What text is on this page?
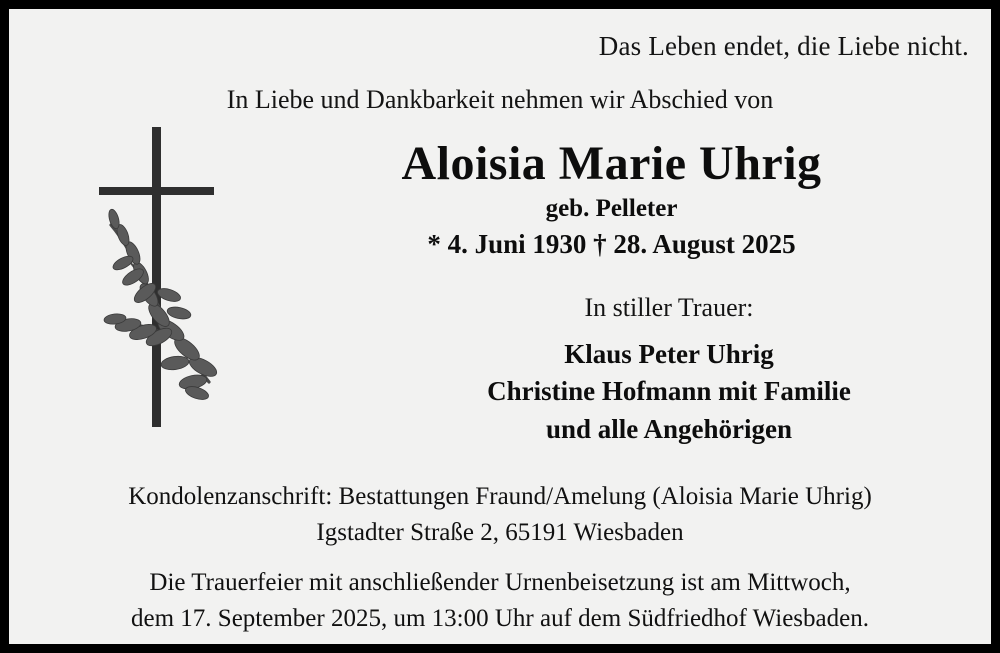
Das Leben endet, die Liebe nicht.
In Liebe und Dankbarkeit nehmen wir Abschied von
Aloisia Marie Uhrig
geb. Pelleter
* 4. Juni 1930 † 28. August 2025
In stiller Trauer:
Klaus Peter Uhrig
Christine Hofmann mit Familie
und alle Angehörigen
Kondolenzanschrift: Bestattungen Fraund/Amelung (Aloisia Marie Uhrig)
Igstadter Straße 2, 65191 Wiesbaden
Die Trauerfeier mit anschließender Urnenbeisetzung ist am Mittwoch,
dem 17. September 2025, um 13:00 Uhr auf dem Südfriedhof Wiesbaden.
